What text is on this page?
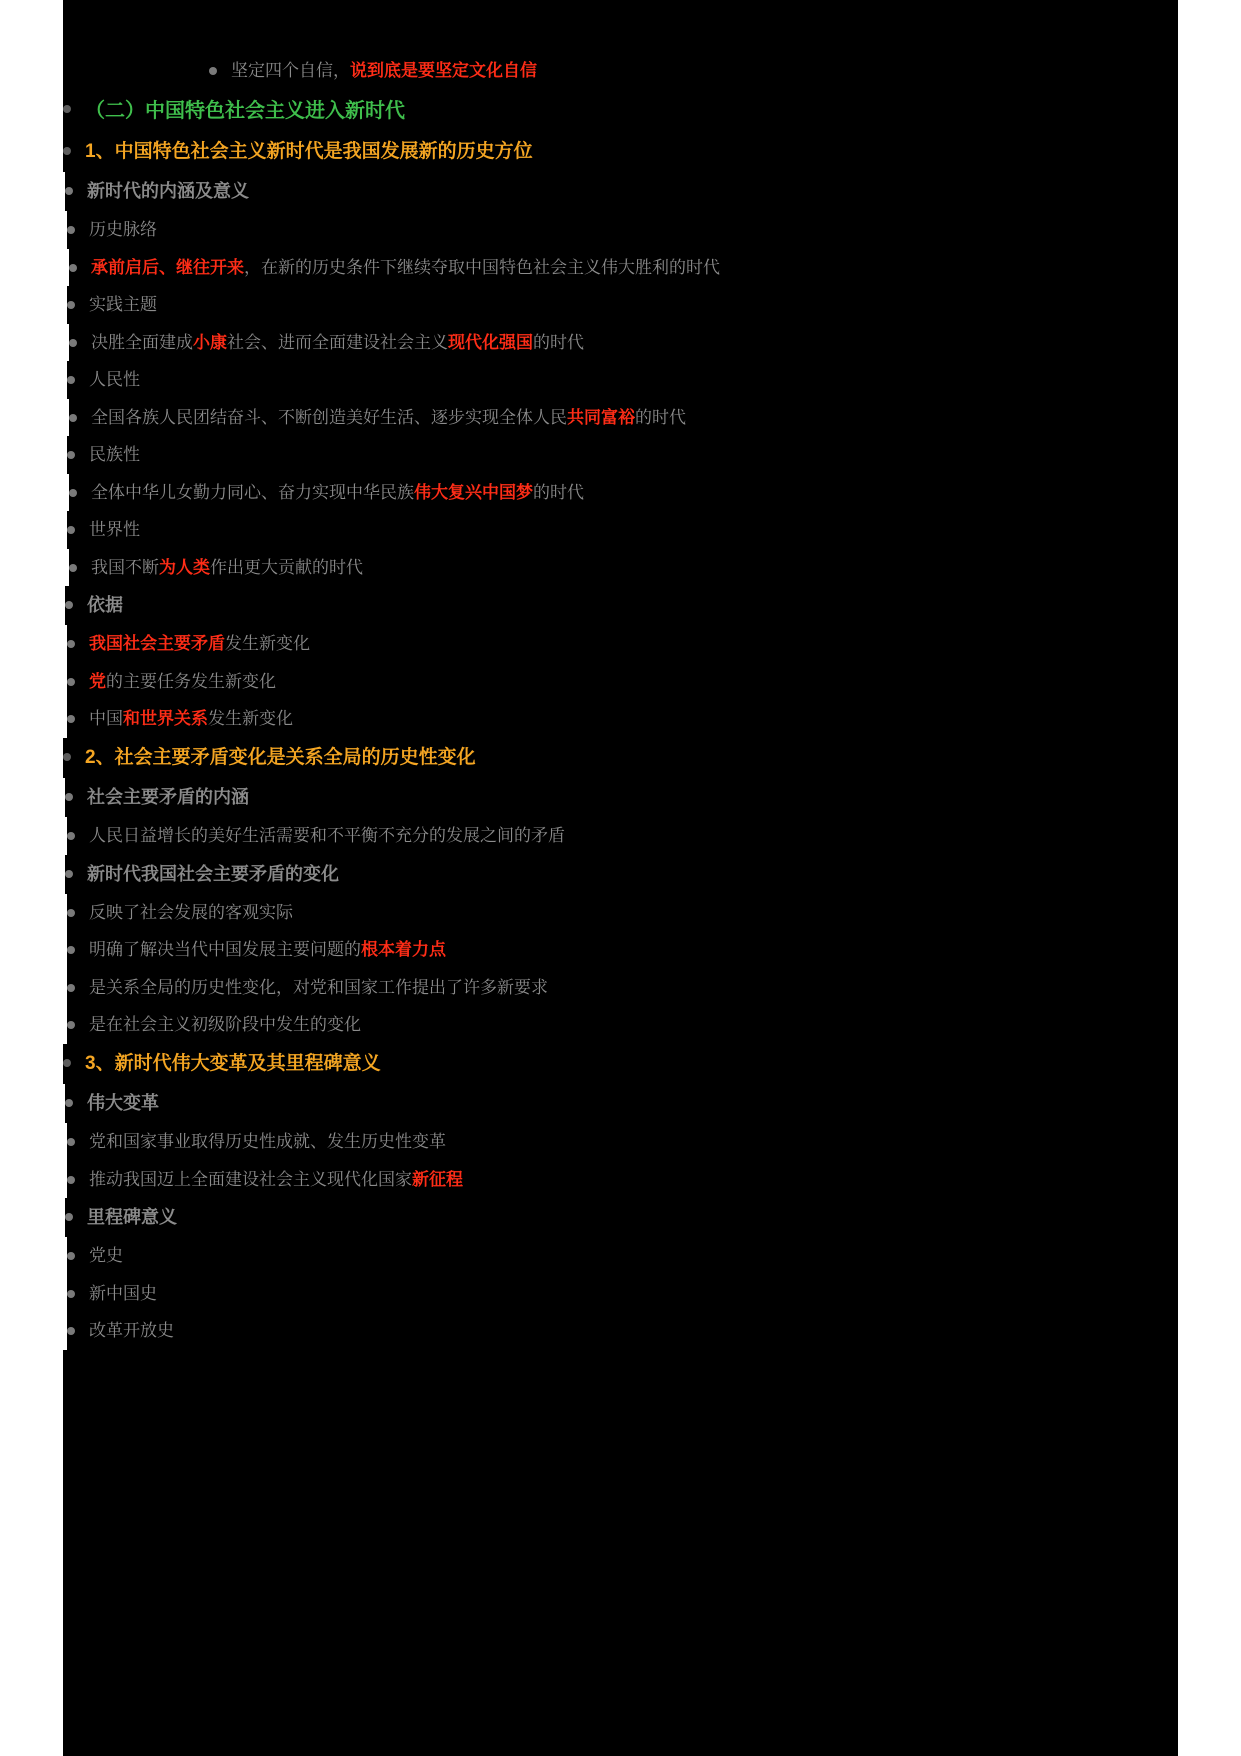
坚定四个自信，说到底是要坚定文化自信
（二）中国特色社会主义进入新时代
1、中国特色社会主义新时代是我国发展新的历史方位
新时代的内涵及意义
历史脉络
承前启后、继往开来，在新的历史条件下继续夺取中国特色社会主义伟大胜利的时代
实践主题
决胜全面建成小康社会、进而全面建设社会主义现代化强国的时代
人民性
全国各族人民团结奋斗、不断创造美好生活、逐步实现全体人民共同富裕的时代
民族性
全体中华儿女勤力同心、奋力实现中华民族伟大复兴中国梦的时代
世界性
我国不断为人类作出更大贡献的时代
依据
我国社会主要矛盾发生新变化
党的主要任务发生新变化
中国和世界关系发生新变化
2、社会主要矛盾变化是关系全局的历史性变化
社会主要矛盾的内涵
人民日益增长的美好生活需要和不平衡不充分的发展之间的矛盾
新时代我国社会主要矛盾的变化
反映了社会发展的客观实际
明确了解决当代中国发展主要问题的根本着力点
是关系全局的历史性变化，对党和国家工作提出了许多新要求
是在社会主义初级阶段中发生的变化
3、新时代伟大变革及其里程碑意义
伟大变革
党和国家事业取得历史性成就、发生历史性变革
推动我国迈上全面建设社会主义现代化国家新征程
里程碑意义
党史
新中国史
改革开放史
